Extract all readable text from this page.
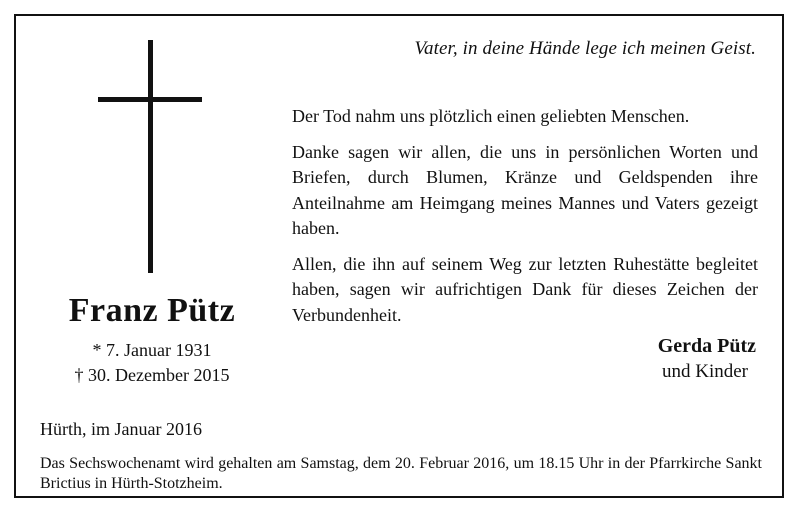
Vater, in deine Hände lege ich meinen Geist.

Der Tod nahm uns plötzlich einen geliebten Menschen.

Danke sagen wir allen, die uns in persönlichen Worten und Briefen, durch Blumen, Kränze und Geldspenden ihre Anteilnahme am Heimgang meines Mannes und Vaters gezeigt haben.

Allen, die ihn auf seinem Weg zur letzten Ruhestätte begleitet haben, sagen wir aufrichtigen Dank für dieses Zeichen der Verbundenheit.

Franz Pütz
* 7. Januar 1931
† 30. Dezember 2015
Gerda Pütz
und Kinder
Hürth, im Januar 2016
Das Sechswochenamt wird gehalten am Samstag, dem 20. Februar 2016, um 18.15 Uhr in der Pfarrkirche Sankt Brictius in Hürth-Stotzheim.
